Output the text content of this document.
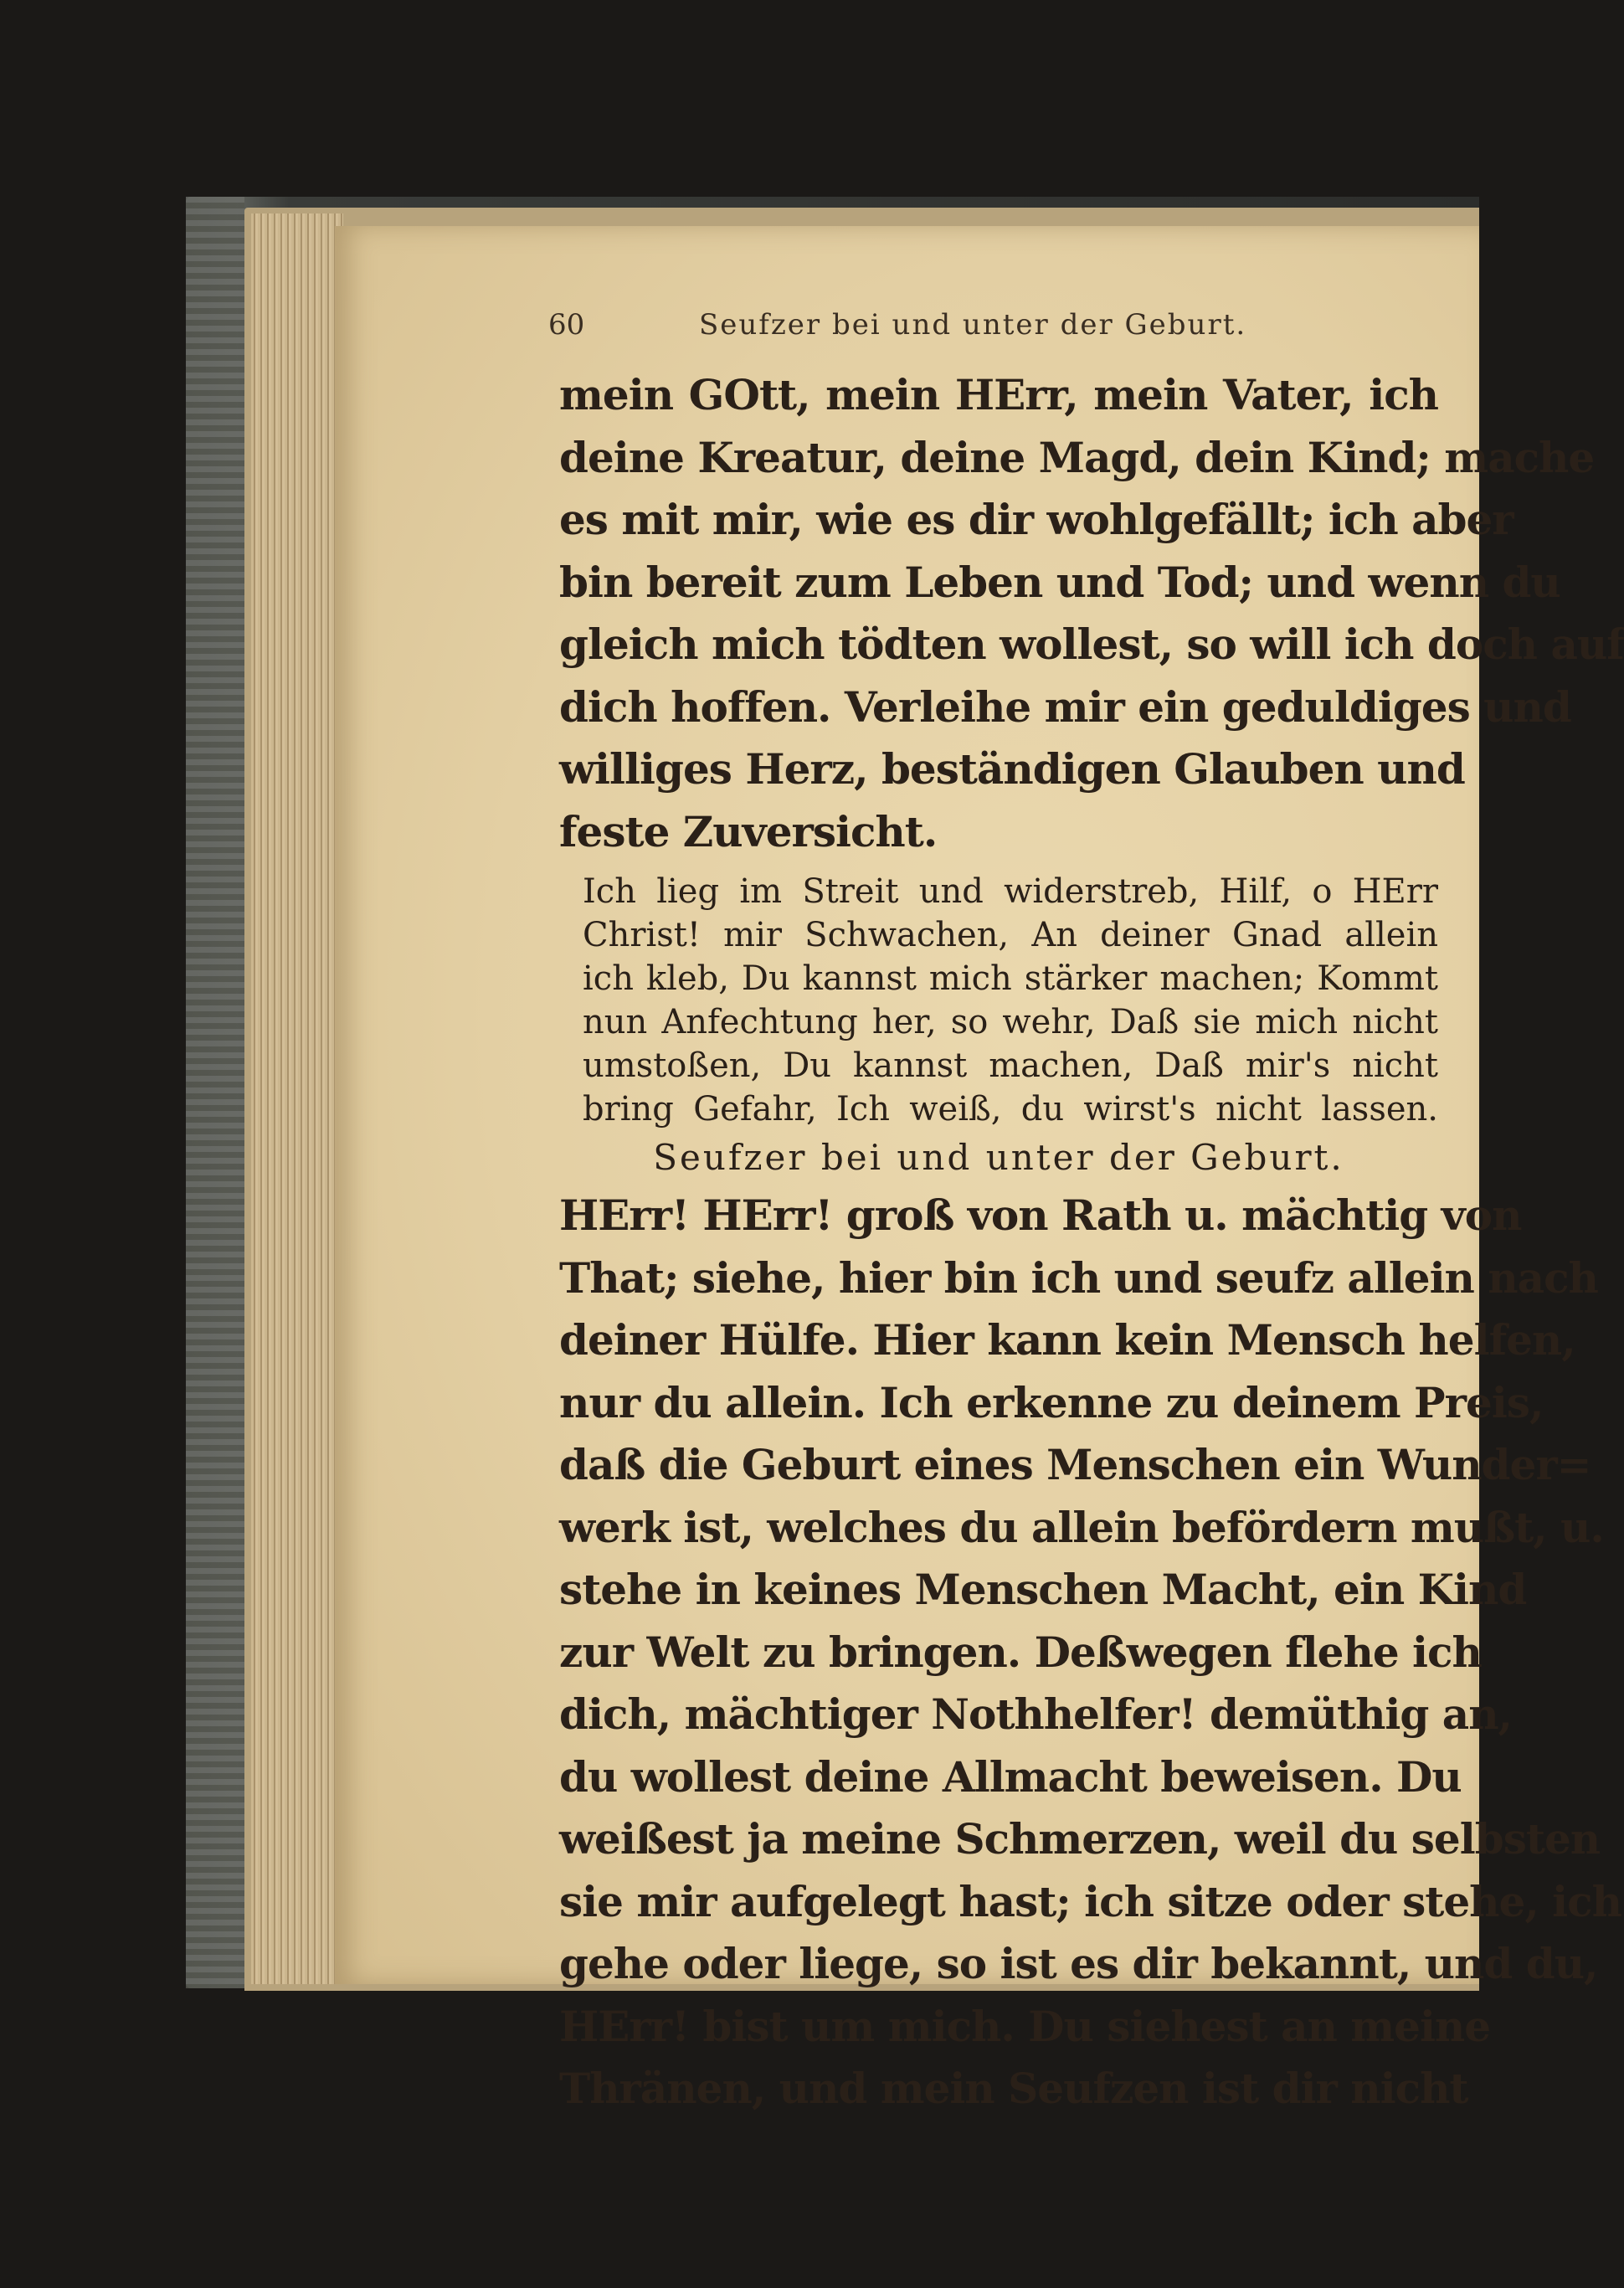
60	Seufzer bei und unter der Geburt.
mein GOtt, mein HErr, mein Vater, ich
deine Kreatur, deine Magd, dein Kind; mache
es mit mir, wie es dir wohlgefällt; ich aber
bin bereit zum Leben und Tod; und wenn du
gleich mich tödten wollest, so will ich doch auf
dich hoffen. Verleihe mir ein geduldiges und
williges Herz, beständigen Glauben und
feste Zuversicht.
Ich lieg im Streit und widerstreb, Hilf, o HErr
Christ! mir Schwachen, An deiner Gnad allein
ich kleb, Du kannst mich stärker machen; Kommt
nun Anfechtung her, so wehr, Daß sie mich nicht
umstoßen, Du kannst machen, Daß mir's nicht
bring Gefahr, Ich weiß, du wirst's nicht lassen.
Seufzer bei und unter der Geburt.
HErr! HErr! groß von Rath u. mächtig von
That; siehe, hier bin ich und seufz allein nach
deiner Hülfe. Hier kann kein Mensch helfen,
nur du allein. Ich erkenne zu deinem Preis,
daß die Geburt eines Menschen ein Wunder=
werk ist, welches du allein befördern mußt, u.
stehe in keines Menschen Macht, ein Kind
zur Welt zu bringen. Deßwegen flehe ich
dich, mächtiger Nothhelfer! demüthig an,
du wollest deine Allmacht beweisen. Du
weißest ja meine Schmerzen, weil du selbsten
sie mir aufgelegt hast; ich sitze oder stehe, ich
gehe oder liege, so ist es dir bekannt, und du,
HErr! bist um mich. Du siehest an meine
Thränen, und mein Seufzen ist dir nicht
